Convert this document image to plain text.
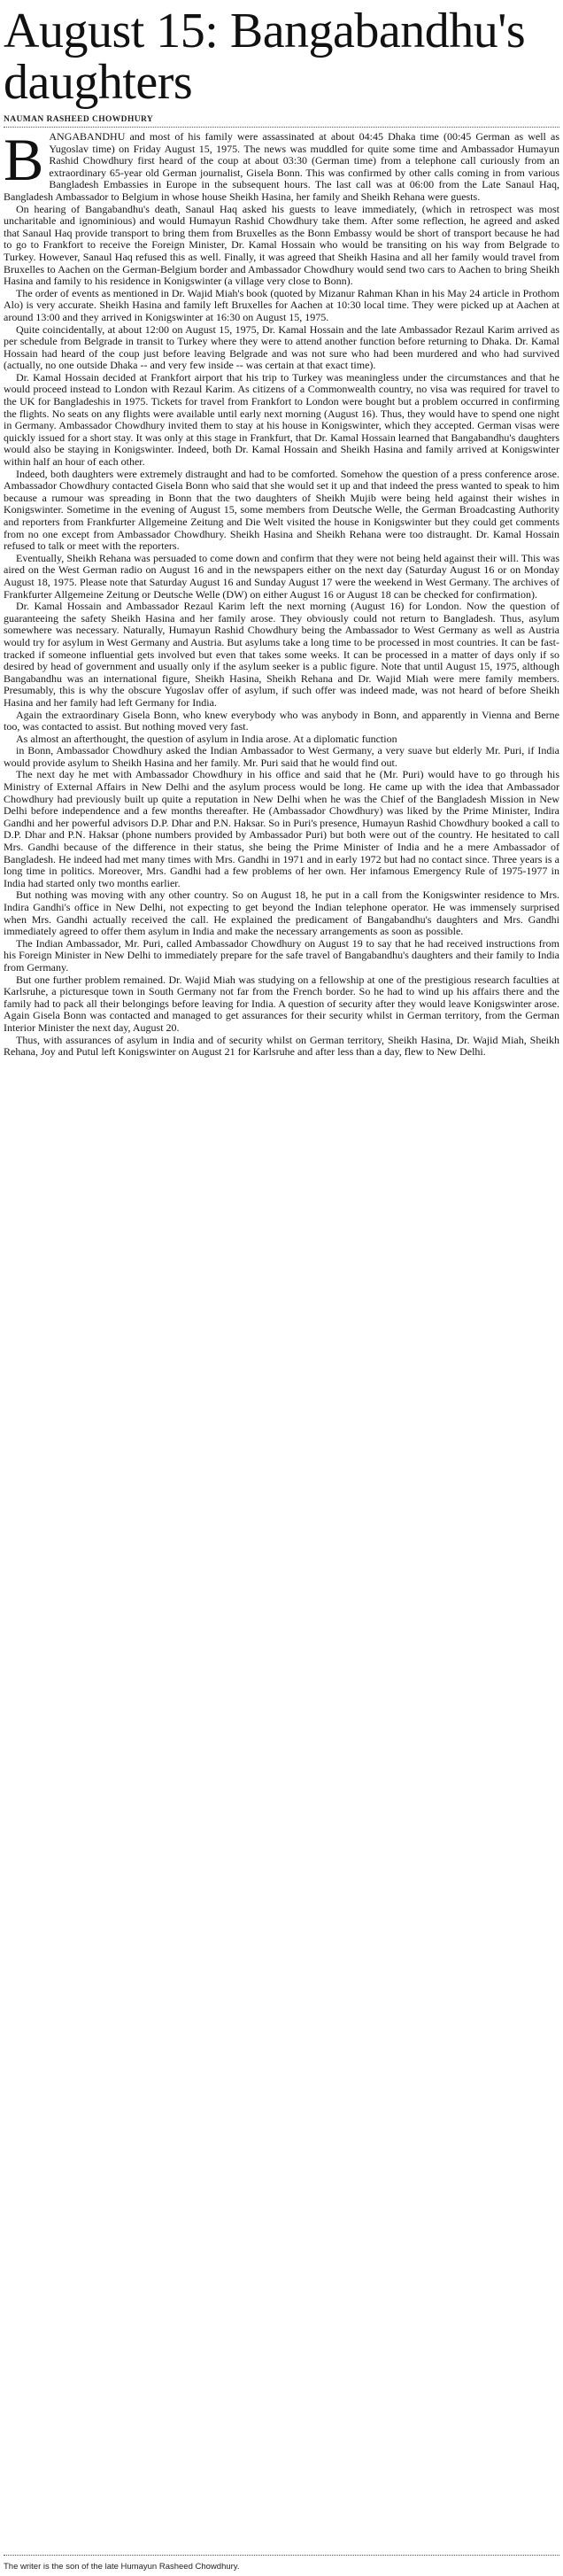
August 15: Bangabandhu's daughters
NAUMAN RASHEED CHOWDHURY

BANGABANDHU and most of his family were assassinated at about 04:45 Dhaka time (00:45 German as well as Yugoslav time) on Friday August 15, 1975. The news was muddled for quite some time and Ambassador Humayun Rashid Chowdhury first heard of the coup at about 03:30 (German time) from a telephone call curiously from an extraordinary 65-year old German journalist, Gisela Bonn. This was confirmed by other calls coming in from various Bangladesh Embassies in Europe in the subsequent hours. The last call was at 06:00 from the Late Sanaul Haq, Bangladesh Ambassador to Belgium in whose house Sheikh Hasina, her family and Sheikh Rehana were guests.

On hearing of Bangabandhu's death, Sanaul Haq asked his guests to leave immediately, (which in retrospect was most uncharitable and ignominious) and would Humayun Rashid Chowdhury take them. After some reflection, he agreed and asked that Sanaul Haq provide transport to bring them from Bruxelles as the Bonn Embassy would be short of transport because he had to go to Frankfort to receive the Foreign Minister, Dr. Kamal Hossain who would be transiting on his way from Belgrade to Turkey. However, Sanaul Haq refused this as well. Finally, it was agreed that Sheikh Hasina and all her family would travel from Bruxelles to Aachen on the German-Belgium border and Ambassador Chowdhury would send two cars to Aachen to bring Sheikh Hasina and family to his residence in Konigswinter (a village very close to Bonn).

The order of events as mentioned in Dr. Wajid Miah's book (quoted by Mizanur Rahman Khan in his May 24 article in Prothom Alo) is very accurate. Sheikh Hasina and family left Bruxelles for Aachen at 10:30 local time. They were picked up at Aachen at around 13:00 and they arrived in Konigswinter at 16:30 on August 15, 1975.

Quite coincidentally, at about 12:00 on August 15, 1975, Dr. Kamal Hossain and the late Ambassador Rezaul Karim arrived as per schedule from Belgrade in transit to Turkey where they were to attend another function before returning to Dhaka. Dr. Kamal Hossain had heard of the coup just before leaving Belgrade and was not sure who had been murdered and who had survived (actually, no one outside Dhaka -- and very few inside -- was certain at that exact time).

Dr. Kamal Hossain decided at Frankfort airport that his trip to Turkey was meaningless under the circumstances and that he would proceed instead to London with Rezaul Karim. As citizens of a Commonwealth country, no visa was required for travel to the UK for Bangladeshis in 1975. Tickets for travel from Frankfort to London were bought but a problem occurred in confirming the flights. No seats on any flights were available until early next morning (August 16). Thus, they would have to spend one night in Germany. Ambassador Chowdhury invited them to stay at his house in Konigswinter, which they accepted. German visas were quickly issued for a short stay. It was only at this stage in Frankfurt, that Dr. Kamal Hossain learned that Bangabandhu's daughters would also be staying in Konigswinter. Indeed, both Dr. Kamal Hossain and Sheikh Hasina and family arrived at Konigswinter within half an hour of each other.

Indeed, both daughters were extremely distraught and had to be comforted. Somehow the question of a press conference arose. Ambassador Chowdhury contacted Gisela Bonn who said that she would set it up and that indeed the press wanted to speak to him because a rumour was spreading in Bonn that the two daughters of Sheikh Mujib were being held against their wishes in Konigswinter. Sometime in the evening of August 15, some members from Deutsche Welle, the German Broadcasting Authority and reporters from Frankfurter Allgemeine Zeitung and Die Welt visited the house in Konigswinter but they could get comments from no one except from Ambassador Chowdhury. Sheikh Hasina and Sheikh Rehana were too distraught. Dr. Kamal Hossain refused to talk or meet with the reporters.

Eventually, Sheikh Rehana was persuaded to come down and confirm that they were not being held against their will. This was aired on the West German radio on August 16 and in the newspapers either on the next day (Saturday August 16 or on Monday August 18, 1975. Please note that Saturday August 16 and Sunday August 17 were the weekend in West Germany. The archives of Frankfurter Allgemeine Zeitung or Deutsche Welle (DW) on either August 16 or August 18 can be checked for confirmation).

Dr. Kamal Hossain and Ambassador Rezaul Karim left the next morning (August 16) for London. Now the question of guaranteeing the safety Sheikh Hasina and her family arose. They obviously could not return to Bangladesh. Thus, asylum somewhere was necessary. Naturally, Humayun Rashid Chowdhury being the Ambassador to West Germany as well as Austria would try for asylum in West Germany and Austria. But asylums take a long time to be processed in most countries. It can be fast-tracked if someone influential gets involved but even that takes some weeks. It can be processed in a matter of days only if so desired by head of government and usually only if the asylum seeker is a public figure. Note that until August 15, 1975, although Bangabandhu was an international figure, Sheikh Hasina, Sheikh Rehana and Dr. Wajid Miah were mere family members. Presumably, this is why the obscure Yugoslav offer of asylum, if such offer was indeed made, was not heard of before Sheikh Hasina and her family had left Germany for India.

Again the extraordinary Gisela Bonn, who knew everybody who was anybody in Bonn, and apparently in Vienna and Berne too, was contacted to assist. But nothing moved very fast.

As almost an afterthought, the question of asylum in India arose. At a diplomatic function

in Bonn, Ambassador Chowdhury asked the Indian Ambassador to West Germany, a very suave but elderly Mr. Puri, if India would provide asylum to Sheikh Hasina and her family. Mr. Puri said that he would find out.

The next day he met with Ambassador Chowdhury in his office and said that he (Mr. Puri) would have to go through his Ministry of External Affairs in New Delhi and the asylum process would be long. He came up with the idea that Ambassador Chowdhury had previously built up quite a reputation in New Delhi when he was the Chief of the Bangladesh Mission in New Delhi before independence and a few months thereafter. He (Ambassador Chowdhury) was liked by the Prime Minister, Indira Gandhi and her powerful advisors D.P. Dhar and P.N. Haksar. So in Puri's presence, Humayun Rashid Chowdhury booked a call to D.P. Dhar and P.N. Haksar (phone numbers provided by Ambassador Puri) but both were out of the country. He hesitated to call Mrs. Gandhi because of the difference in their status, she being the Prime Minister of India and he a mere Ambassador of Bangladesh. He indeed had met many times with Mrs. Gandhi in 1971 and in early 1972 but had no contact since. Three years is a long time in politics. Moreover, Mrs. Gandhi had a few problems of her own. Her infamous Emergency Rule of 1975-1977 in India had started only two months earlier.

But nothing was moving with any other country. So on August 18, he put in a call from the Konigswinter residence to Mrs. Indira Gandhi's office in New Delhi, not expecting to get beyond the Indian telephone operator. He was immensely surprised when Mrs. Gandhi actually received the call. He explained the predicament of Bangabandhu's daughters and Mrs. Gandhi immediately agreed to offer them asylum in India and make the necessary arrangements as soon as possible.

The Indian Ambassador, Mr. Puri, called Ambassador Chowdhury on August 19 to say that he had received instructions from his Foreign Minister in New Delhi to immediately prepare for the safe travel of Bangabandhu's daughters and their family to India from Germany.

But one further problem remained. Dr. Wajid Miah was studying on a fellowship at one of the prestigious research faculties at Karlsruhe, a picturesque town in South Germany not far from the French border. So he had to wind up his affairs there and the family had to pack all their belongings before leaving for India. A question of security after they would leave Konigswinter arose. Again Gisela Bonn was contacted and managed to get assurances for their security whilst in German territory, from the German Interior Minister the next day, August 20.

Thus, with assurances of asylum in India and of security whilst on German territory, Sheikh Hasina, Dr. Wajid Miah, Sheikh Rehana, Joy and Putul left Konigswinter on August 21 for Karlsruhe and after less than a day, flew to New Delhi.

The writer is the son of the late Humayun Rasheed Chowdhury.
